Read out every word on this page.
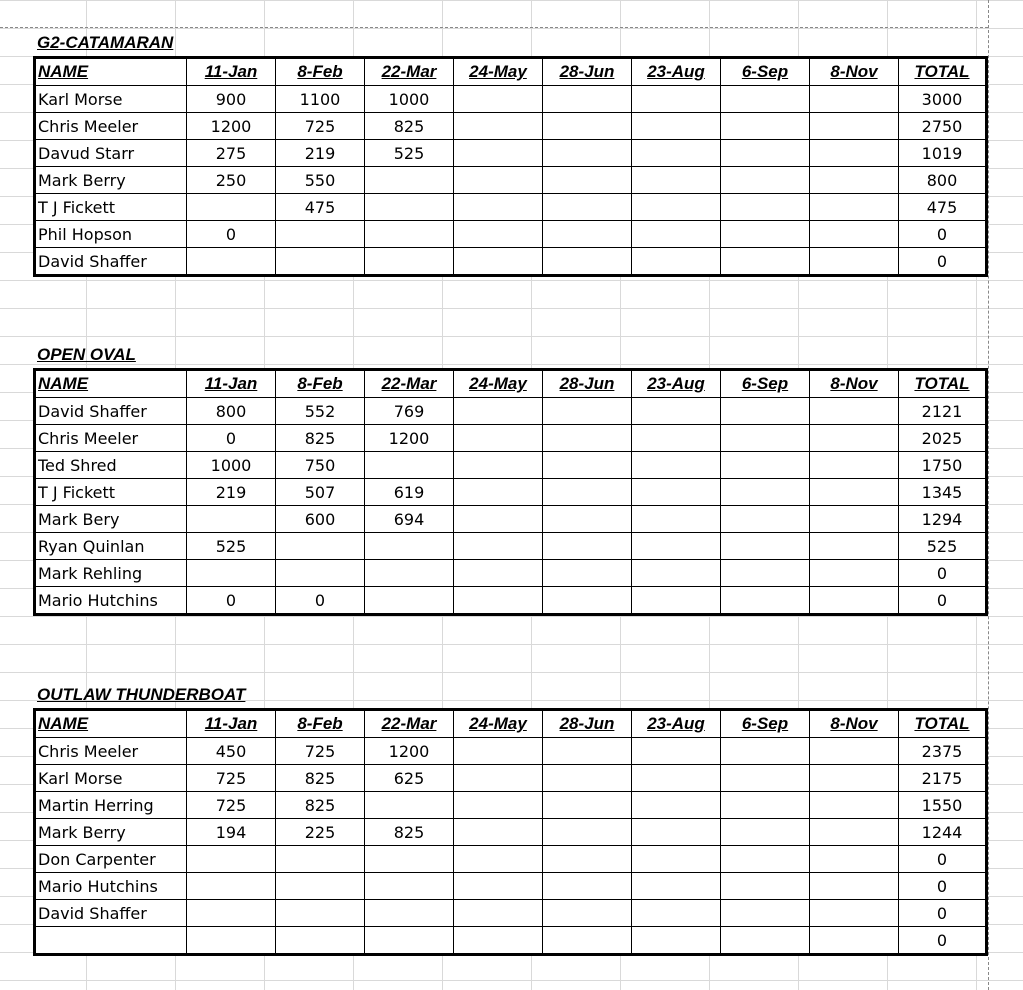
G2-CATAMARAN
NAME	11-Jan	8-Feb	22-Mar	24-May	28-Jun	23-Aug	6-Sep	8-Nov	TOTAL
Karl Morse	900	1100	1000						3000
Chris Meeler	1200	725	825						2750
Davud Starr	275	219	525						1019
Mark Berry	250	550							800
T J Fickett		475							475
Phil Hopson	0								0
David Shaffer									0
OPEN OVAL
NAME	11-Jan	8-Feb	22-Mar	24-May	28-Jun	23-Aug	6-Sep	8-Nov	TOTAL
David Shaffer	800	552	769						2121
Chris Meeler	0	825	1200						2025
Ted Shred	1000	750							1750
T J Fickett	219	507	619						1345
Mark Bery		600	694						1294
Ryan Quinlan	525								525
Mark Rehling									0
Mario Hutchins	0	0							0
OUTLAW THUNDERBOAT
NAME	11-Jan	8-Feb	22-Mar	24-May	28-Jun	23-Aug	6-Sep	8-Nov	TOTAL
Chris Meeler	450	725	1200						2375
Karl Morse	725	825	625						2175
Martin Herring	725	825							1550
Mark Berry	194	225	825						1244
Don Carpenter									0
Mario Hutchins									0
David Shaffer									0
									0
